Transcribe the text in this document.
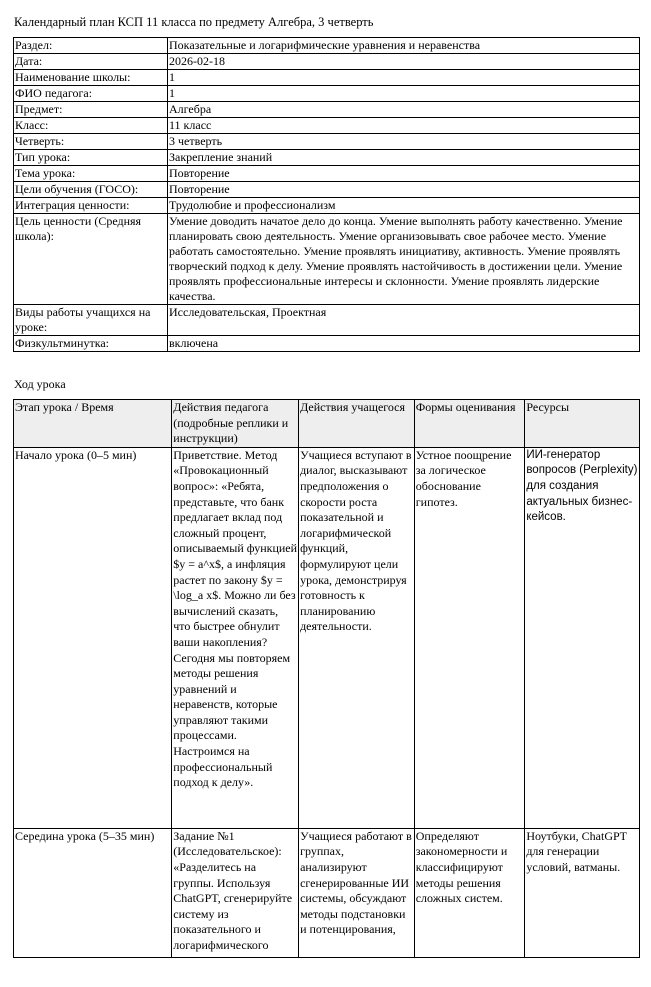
Календарный план КСП 11 класса по предмету Алгебра, 3 четверть
Раздел:	Показательные и логарифмические уравнения и неравенства
Дата:	2026-02-18
Наименование школы:	1
ФИО педагога:	1
Предмет:	Алгебра
Класс:	11 класс
Четверть:	3 четверть
Тип урока:	Закрепление знаний
Тема урока:	Повторение
Цели обучения (ГОСО):	Повторение
Интеграция ценности:	Трудолюбие и профессионализм
Цель ценности (Средняя школа):	Умение доводить начатое дело до конца. Умение выполнять работу качественно. Умение планировать свою деятельность. Умение организовывать свое рабочее место. Умение работать самостоятельно. Умение проявлять инициативу, активность. Умение проявлять творческий подход к делу. Умение проявлять настойчивость в достижении цели. Умение проявлять профессиональные интересы и склонности. Умение проявлять лидерские качества.
Виды работы учащихся на уроке:	Исследовательская, Проектная
Физкультминутка:	включена
Ход урока
Этап урока / Время	Действия педагога (подробные реплики и инструкции)	Действия учащегося	Формы оценивания	Ресурсы
Начало урока (0–5 мин)	Приветствие. Метод «Провокационный вопрос»: «Ребята, представьте, что банк предлагает вклад под сложный процент, описываемый функцией $y = a^x$, а инфляция растет по закону $y = \log_a x$. Можно ли без вычислений сказать, что быстрее обнулит ваши накопления? Сегодня мы повторяем методы решения уравнений и неравенств, которые управляют такими процессами. Настроимся на профессиональный подход к делу».	Учащиеся вступают в диалог, высказывают предположения о скорости роста показательной и логарифмической функций, формулируют цели урока, демонстрируя готовность к планированию деятельности.	Устное поощрение за логическое обоснование гипотез.	ИИ-генератор вопросов (Perplexity) для создания актуальных бизнес-кейсов.
Середина урока (5–35 мин)	Задание №1 (Исследовательское): «Разделитесь на группы. Используя ChatGPT, сгенерируйте систему из показательного и логарифмического	Учащиеся работают в группах, анализируют сгенерированные ИИ системы, обсуждают методы подстановки и потенцирования,	Определяют закономерности и классифицируют методы решения сложных систем.	Ноутбуки, ChatGPT для генерации условий, ватманы.
